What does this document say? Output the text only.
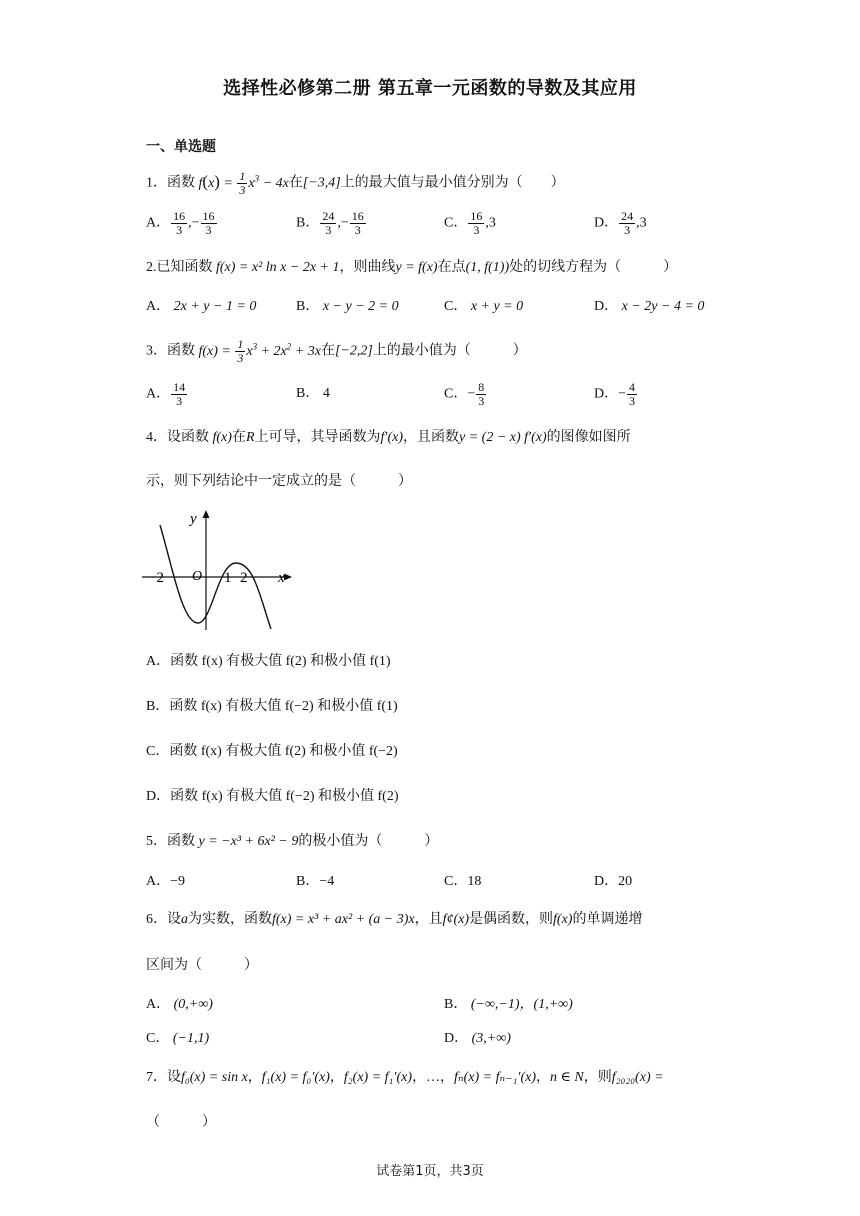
选择性必修第二册 第五章一元函数的导数及其应用
一、单选题
1．函数 $f(x) = \frac{1}{3} x^3 - 4x$在[−3,4]上的最大值与最小值分别为（　　）
A． $\frac{16}{3}$ ,− $\frac{16}{3}$	B． $\frac{24}{3}$ ,− $\frac{16}{3}$	C． $\frac{16}{3} ,3$	D． $\frac{24}{3} ,3$
2.已知函数 f(x) = x² ln x − 2x + 1，则曲线y = f(x)在点(1, f(1))处的切线方程为（　　　）
A． 2x + y − 1 = 0	B． x − y − 2 = 0	C． x + y = 0	D． x − 2y − 4 = 0
3．函数 $f(x) = \frac{1}{3} x^3 + 2x^2 + 3x$在[−2,2]上的最小值为（　　　）
A． $\frac{14}{3}$	B． 4	C．− $\frac{8}{3}$	D．− $\frac{4}{3}$
4．设函数 f(x)在R上可导，其导函数为f′(x)，且函数y = (2 − x) f′(x)的图像如图所
示，则下列结论中一定成立的是（　　　）
y
x
O
−2	1 2
A．函数 f(x) 有极大值 f(2) 和极小值 f(1)
B．函数 f(x) 有极大值 f(−2) 和极小值 f(1)
C．函数 f(x) 有极大值 f(2) 和极小值 f(−2)
D．函数 f(x) 有极大值 f(−2) 和极小值 f(2)
5．函数 y = −x³ + 6x² − 9的极小值为（　　　）
A．−9	B．−4	C．18	D．20
6．设a为实数，函数f(x) = x³ + ax² + (a − 3)x，且f¢(x)是偶函数，则f(x)的单调递增
区间为（　　　）
A． (0,+∞)	B． (−∞,−1)，(1,+∞)
C． (−1,1)	D． (3,+∞)
7．设f₀(x) = sin x，f₁(x) = f₀′(x)，f₂(x) = f₁′(x)，…，fₙ(x) = fₙ₋₁′(x)，n ∈ N，则f₂₀₂₀(x) =
（　　　）
试卷第1页，共3页
